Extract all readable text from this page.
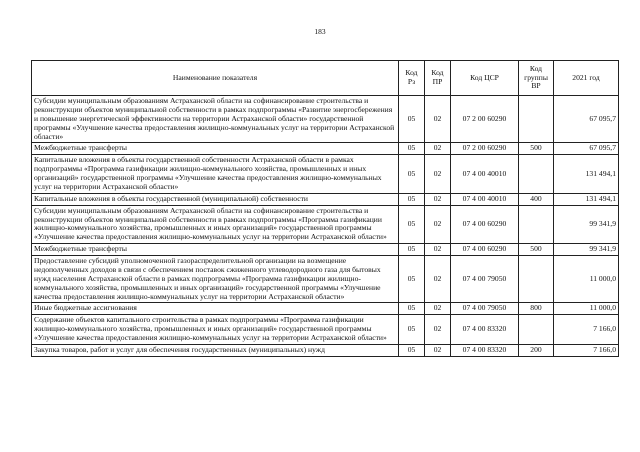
183
Наименование показателя	Код Рз	Код ПР	Код ЦСР	Код группы ВР	2021 год
Субсидии муниципальным образованиям Астраханской области на софинансирование строительства и реконструкции объектов муниципальной собственности в рамках подпрограммы «Развитие энергосбережения и повышение энергетической эффективности на территории Астраханской области» государственной программы «Улучшение качества предоставления жилищно-коммунальных услуг на территории Астраханской области»	05	02	07 2 00 60290		67 095,7
Межбюджетные трансферты	05	02	07 2 00 60290	500	67 095,7
Капитальные вложения в объекты государственной собственности Астраханской области в рамках подпрограммы «Программа газификации жилищно-коммунального хозяйства, промышленных и иных организаций» государственной программы «Улучшение качества предоставления жилищно-коммунальных услуг на территории Астраханской области»	05	02	07 4 00 40010		131 494,1
Капитальные вложения в объекты государственной (муниципальной) собственности	05	02	07 4 00 40010	400	131 494,1
Субсидии муниципальным образованиям Астраханской области на софинансирование строительства и реконструкции объектов муниципальной собственности в рамках подпрограммы «Программа газификации жилищно-коммунального хозяйства, промышленных и иных организаций» государственной программы «Улучшение качества предоставления жилищно-коммунальных услуг на территории Астраханской области»	05	02	07 4 00 60290		99 341,9
Межбюджетные трансферты	05	02	07 4 00 60290	500	99 341,9
Предоставление субсидий уполномоченной газораспределительной организации на возмещение недополученных доходов в связи с обеспечением поставок сжиженного углеводородного газа для бытовых нужд населения Астраханской области в рамках подпрограммы «Программа газификации жилищно-коммунального хозяйства, промышленных и иных организаций» государственной программы «Улучшение качества предоставления жилищно-коммунальных услуг на территории Астраханской области»	05	02	07 4 00 79050		11 000,0
Иные бюджетные ассигнования	05	02	07 4 00 79050	800	11 000,0
Содержание объектов капитального строительства в рамках подпрограммы «Программа газификации жилищно-коммунального хозяйства, промышленных и иных организаций» государственной программы «Улучшение качества предоставления жилищно-коммунальных услуг на территории Астраханской области»	05	02	07 4 00 83320		7 166,0
Закупка товаров, работ и услуг для обеспечения государственных (муниципальных) нужд	05	02	07 4 00 83320	200	7 166,0
